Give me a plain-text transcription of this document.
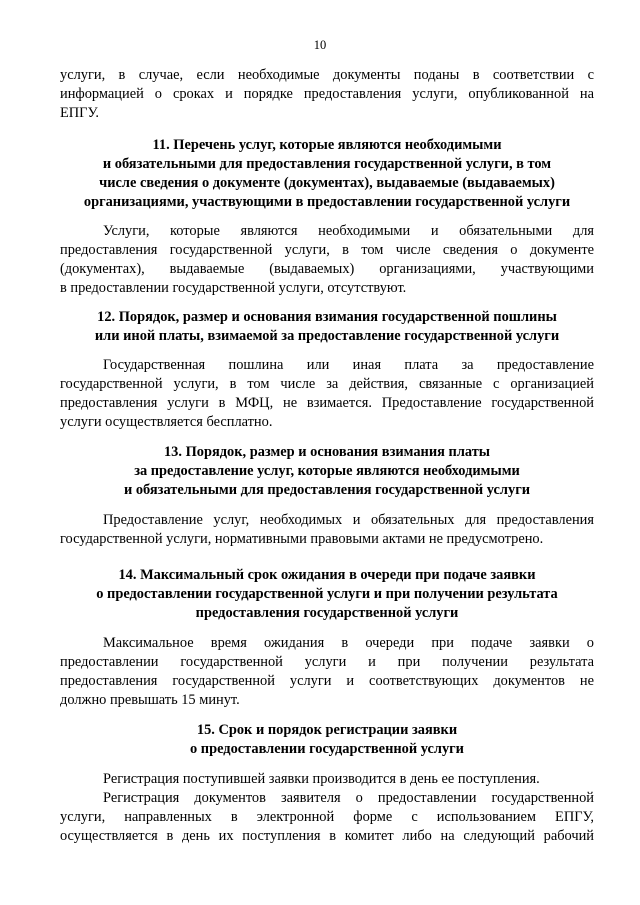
10
услуги, в случае, если необходимые документы поданы в соответствии с
информацией о сроках и порядке предоставления услуги, опубликованной на
ЕПГУ.
11. Перечень услуг, которые являются необходимыми
и обязательными для предоставления государственной услуги, в том
числе сведения о документе (документах), выдаваемые (выдаваемых)
организациями, участвующими в предоставлении государственной услуги
Услуги, которые являются необходимыми и обязательными для
предоставления государственной услуги, в том числе сведения о документе
(документах), выдаваемые (выдаваемых) организациями, участвующими
в предоставлении государственной услуги, отсутствуют.
12. Порядок, размер и основания взимания государственной пошлины
или иной платы, взимаемой за предоставление государственной услуги
Государственная пошлина или иная плата за предоставление
государственной услуги, в том числе за действия, связанные с организацией
предоставления услуги в МФЦ, не взимается. Предоставление государственной
услуги осуществляется бесплатно.
13. Порядок, размер и основания взимания платы
за предоставление услуг, которые являются необходимыми
и обязательными для предоставления государственной услуги
Предоставление услуг, необходимых и обязательных для предоставления
государственной услуги, нормативными правовыми актами не предусмотрено.
14. Максимальный срок ожидания в очереди при подаче заявки
о предоставлении государственной услуги и при получении результата
предоставления государственной услуги
Максимальное время ожидания в очереди при подаче заявки о
предоставлении государственной услуги и при получении результата
предоставления государственной услуги и соответствующих документов не
должно превышать 15 минут.
15. Срок и порядок регистрации заявки
о предоставлении государственной услуги
Регистрация поступившей заявки производится в день ее поступления.
Регистрация документов заявителя о предоставлении государственной
услуги, направленных в электронной форме с использованием ЕПГУ,
осуществляется в день их поступления в комитет либо на следующий рабочий
